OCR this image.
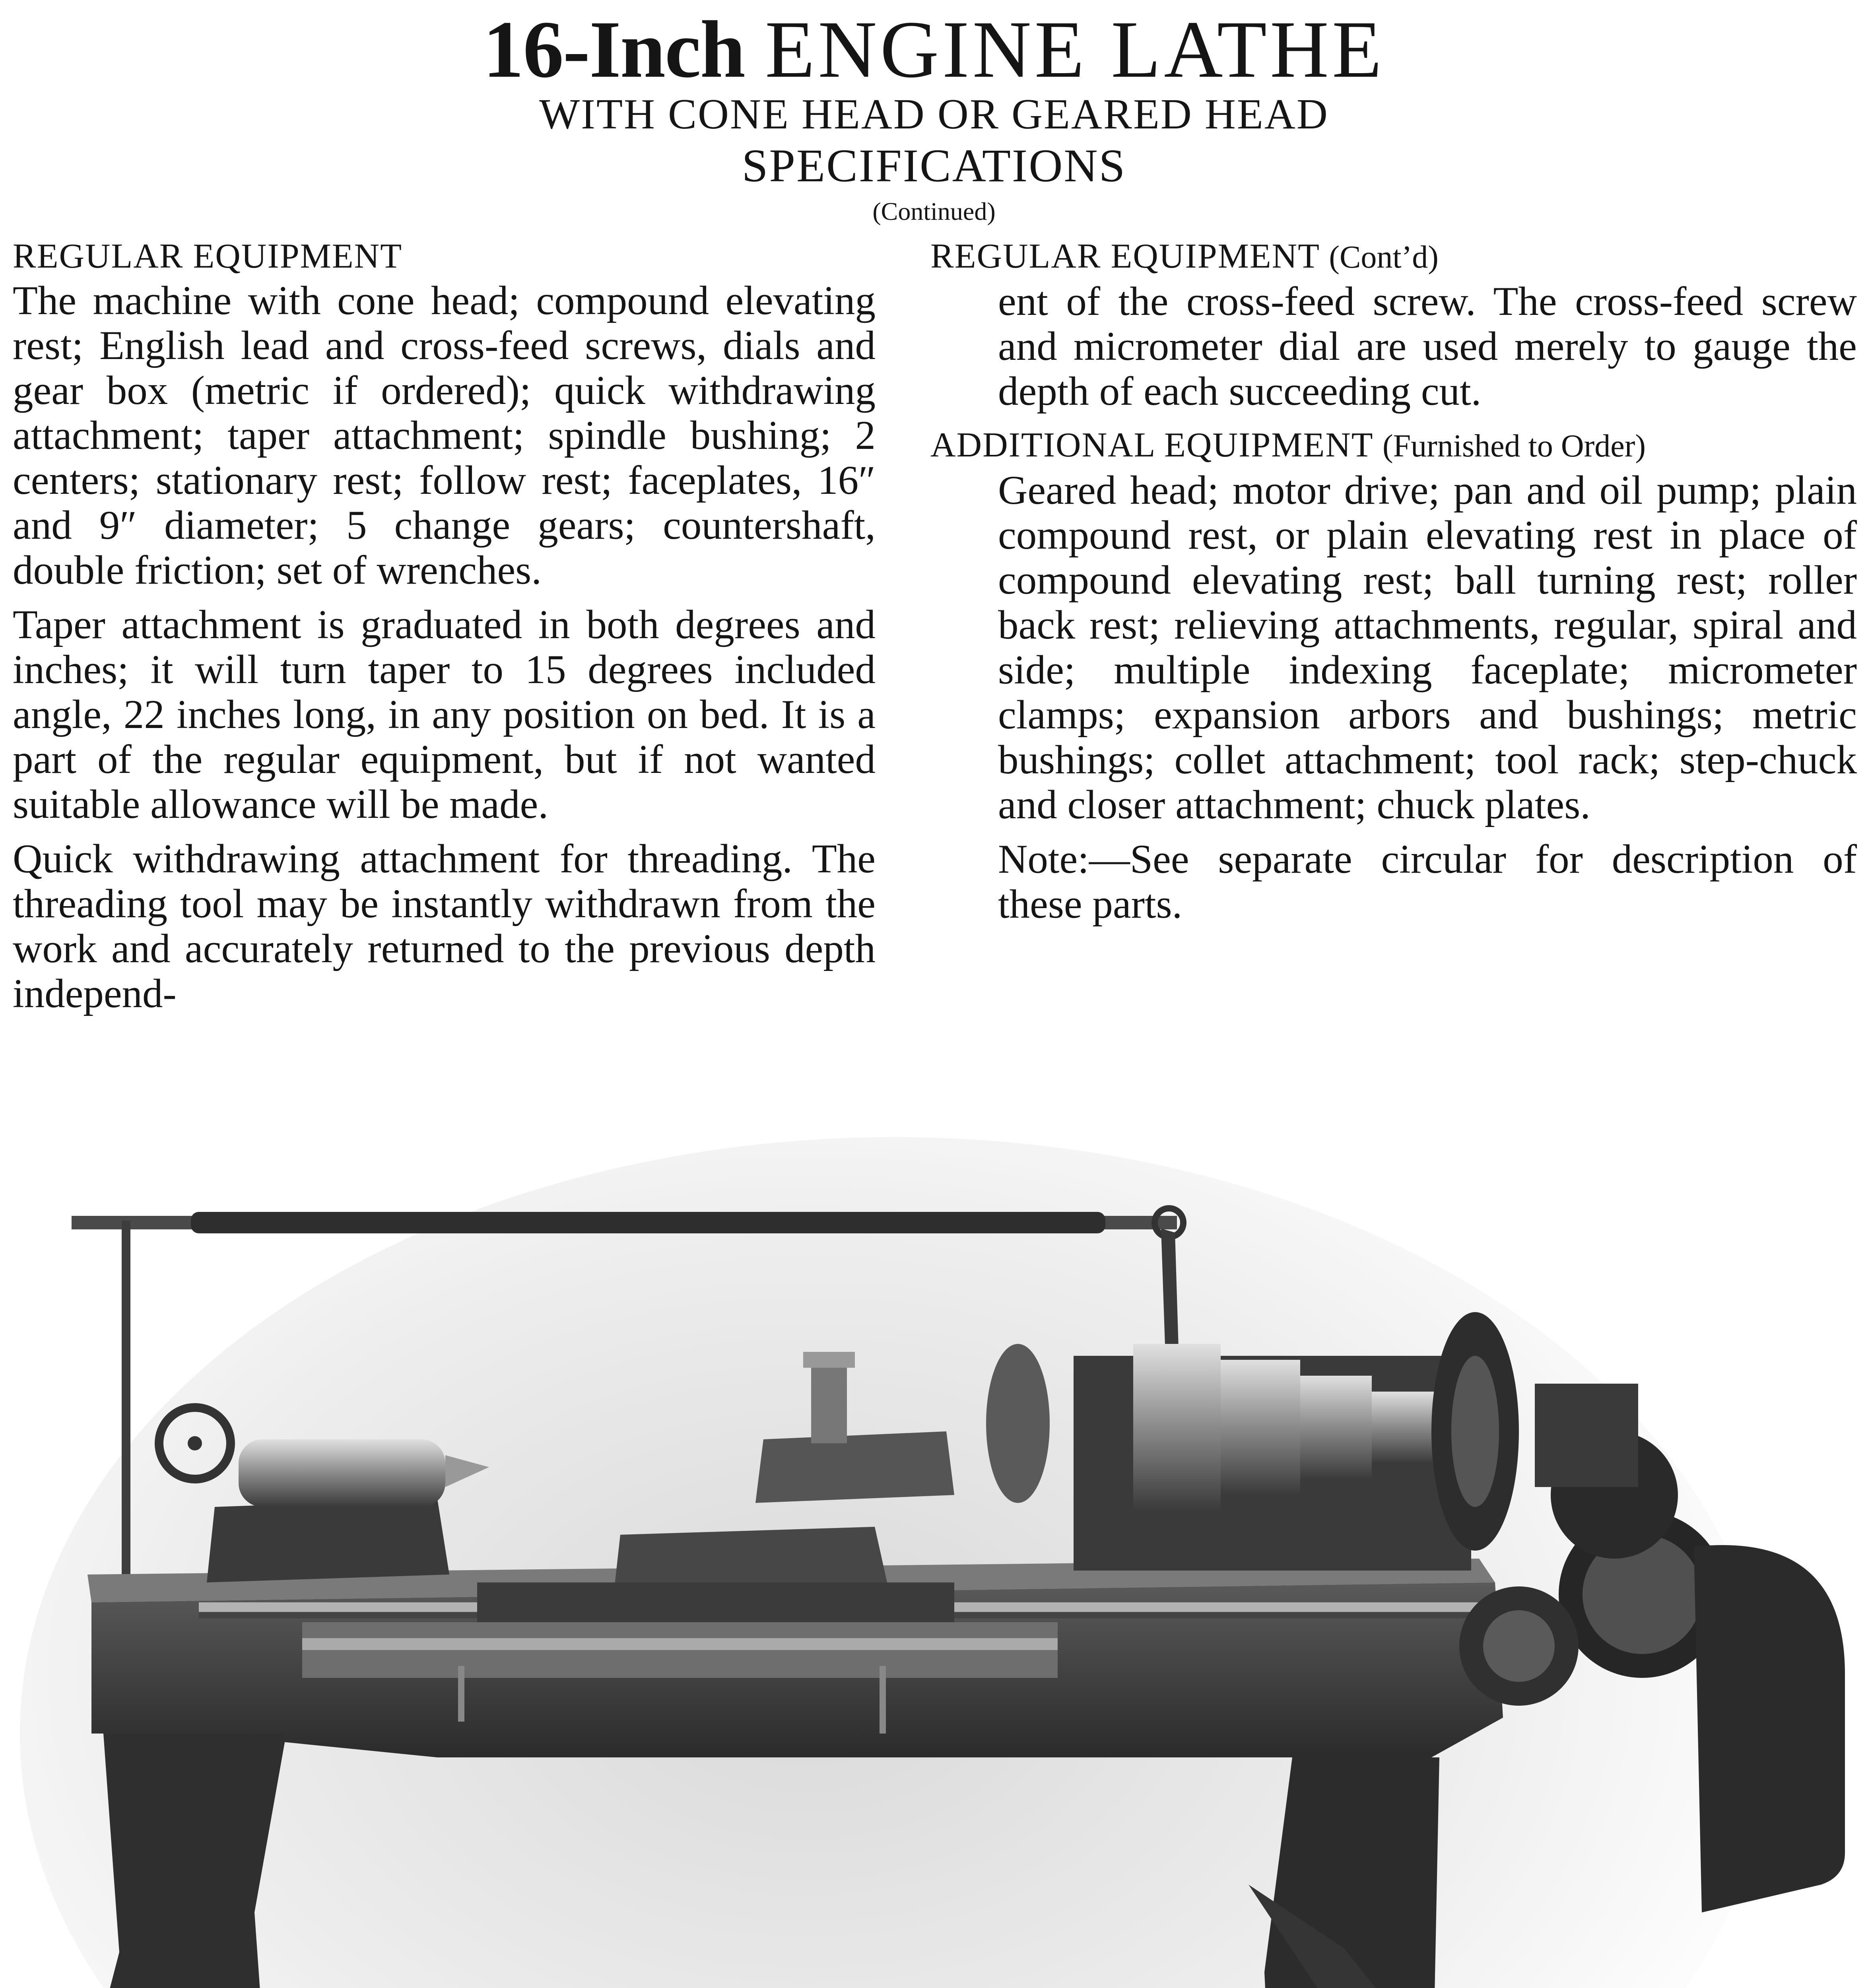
16-Inch ENGINE LATHE
WITH CONE HEAD OR GEARED HEAD
SPECIFICATIONS
(Continued)

REGULAR EQUIPMENT

The machine with cone head; compound elevating rest; English lead and cross-feed screws, dials and gear box (metric if ordered); quick withdrawing attachment; taper attachment; spindle bushing; 2 centers; stationary rest; follow rest; faceplates, 16″ and 9″ diameter; 5 change gears; countershaft, double friction; set of wrenches.

Taper attachment is graduated in both degrees and inches; it will turn taper to 15 degrees included angle, 22 inches long, in any position on bed. It is a part of the regular equipment, but if not wanted suitable allowance will be made.

Quick withdrawing attachment for threading. The threading tool may be instantly withdrawn from the work and accurately returned to the previous depth independ-

REGULAR EQUIPMENT (Cont’d)

ent of the cross-feed screw. The cross-feed screw and micrometer dial are used merely to gauge the depth of each succeeding cut.

ADDITIONAL EQUIPMENT (Furnished to Order)

Geared head; motor drive; pan and oil pump; plain compound rest, or plain elevating rest in place of compound elevating rest; ball turning rest; roller back rest; relieving attachments, regular, spiral and side; multiple indexing faceplate; micrometer clamps; expansion arbors and bushings; metric bushings; collet attachment; tool rack; step-chuck and closer attachment; chuck plates.

Note:—See separate circular for description of these parts.
